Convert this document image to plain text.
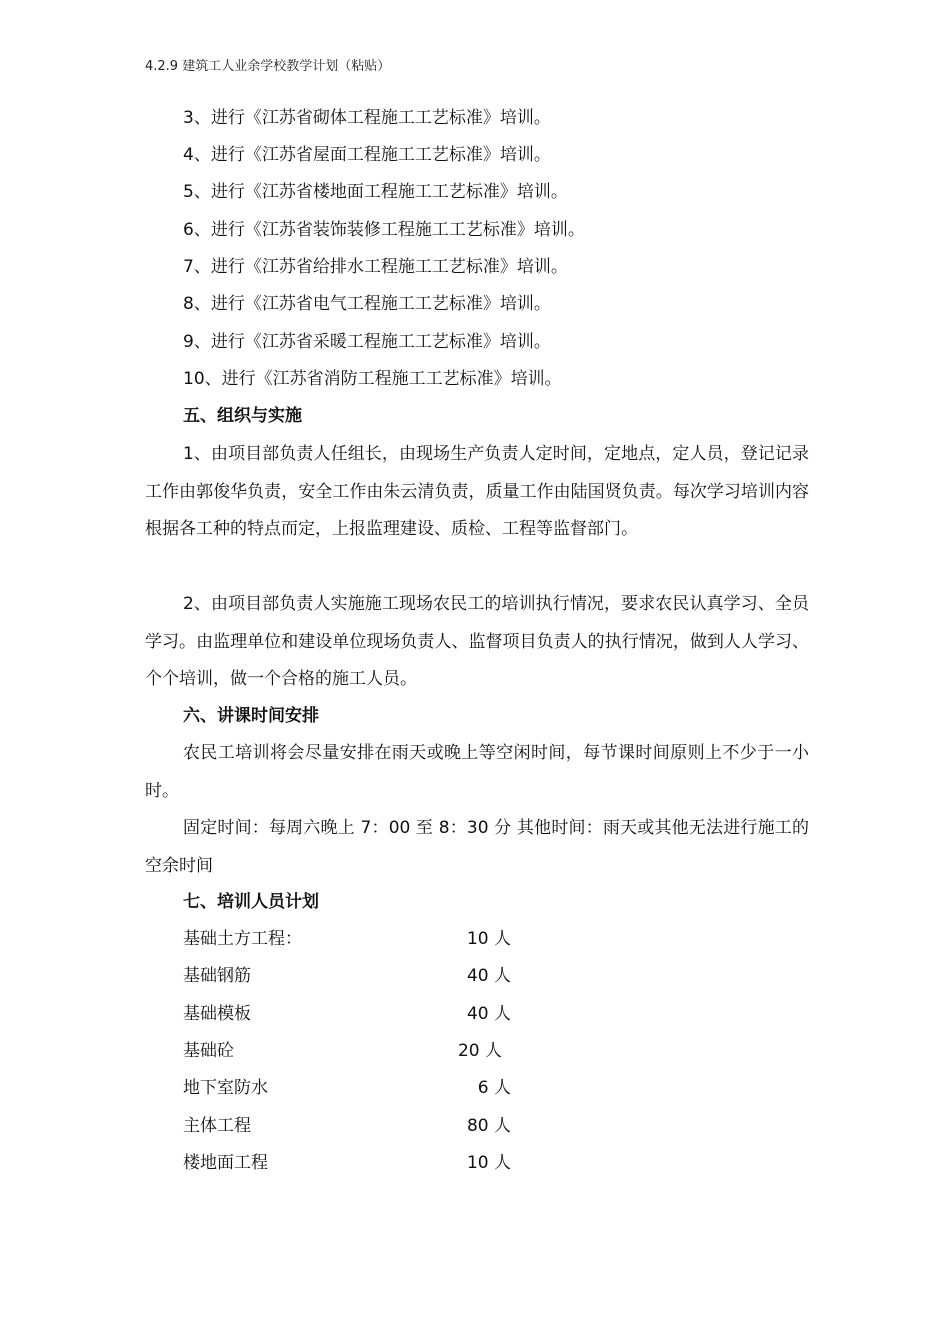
4.2.9 建筑工人业余学校教学计划（粘贴）
3、进行《江苏省砌体工程施工工艺标准》培训。
4、进行《江苏省屋面工程施工工艺标准》培训。
5、进行《江苏省楼地面工程施工工艺标准》培训。
6、进行《江苏省装饰装修工程施工工艺标准》培训。
7、进行《江苏省给排水工程施工工艺标准》培训。
8、进行《江苏省电气工程施工工艺标准》培训。
9、进行《江苏省采暖工程施工工艺标准》培训。
10、进行《江苏省消防工程施工工艺标准》培训。
五、组织与实施
1、由项目部负责人任组长，由现场生产负责人定时间，定地点，定人员，登记记录工作由郭俊华负责，安全工作由朱云清负责，质量工作由陆国贤负责。每次学习培训内容根据各工种的特点而定，上报监理建设、质检、工程等监督部门。
2、由项目部负责人实施施工现场农民工的培训执行情况，要求农民认真学习、全员学习。由监理单位和建设单位现场负责人、监督项目负责人的执行情况，做到人人学习、个个培训，做一个合格的施工人员。
六、讲课时间安排
农民工培训将会尽量安排在雨天或晚上等空闲时间，每节课时间原则上不少于一小时。
固定时间：每周六晚上 7：00 至 8：30 分 其他时间：雨天或其他无法进行施工的空余时间
七、培训人员计划
基础土方工程：	10 人
基础钢筋	40 人
基础模板	40 人
基础砼	20 人
地下室防水	6 人
主体工程	80 人
楼地面工程	10 人
